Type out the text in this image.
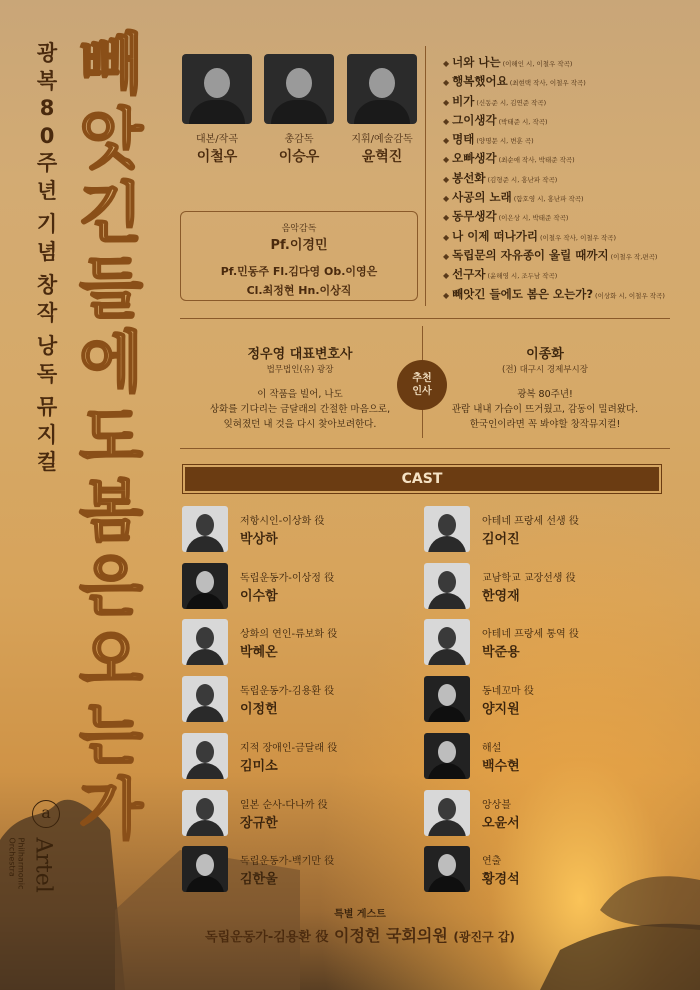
광
복
8
0
주
년
기
념
창
작
낭
독
뮤
지
컬
빼
앗
긴
들
에
도
봄
은
오
는
가
a
Artel
Philharmonic
Orchestra
대본/작곡
이철우
총감독
이승우
지휘/예술감독
윤혁진
음악감독
Pf.이경민
Pf.민동주 Fl.김다영 Ob.이영은
Cl.최정현 Hn.이상직
◆ 너와 나는 (이해인 시, 이철우 작곡)
◆ 행복했어요 (최현택 작사, 이철우 작곡)
◆ 비가 (신동준 시, 김연준 작곡)
◆ 그이생각 (박태준 시, 작곡)
◆ 명태 (양명문 시, 변훈 곡)
◆ 오빠생각 (최순애 작사, 박태준 작곡)
◆ 봉선화 (김형준 시, 홍난파 작곡)
◆ 사공의 노래 (함호영 시, 홍난파 작곡)
◆ 동무생각 (이은상 시, 박태준 작곡)
◆ 나 이제 떠나가리 (이철우 작사, 이철우 작곡)
◆ 독립문의 자유종이 울릴 때까지 (이철우 작,편곡)
◆ 선구자 (윤해영 시, 조두남 작곡)
◆ 빼앗긴 들에도 봄은 오는가? (이상화 시, 이철우 작곡)
정우영 대표변호사
법무법인(유) 광장
이 작품을 빌어, 나도
상화를 기다리는 금달래의 간절한 마음으로,
잊혀졌던 내 것을 다시 찾아보려한다.
추천
인사
이종화
(전) 대구시 경제부시장
광복 80주년!
관람 내내 가슴이 뜨거웠고, 감동이 밀려왔다.
한국인이라면 꼭 봐야할 창작뮤지컬!
CAST
저항시인-이상화 役
박상하
독립운동가-이상정 役
이수함
상화의 연인-류보화 役
박혜온
독립운동가-김용환 役
이정헌
지적 장애인-금달래 役
김미소
일본 순사-다나까 役
장규한
독립운동가-백기만 役
김한울
아테네 프랑세 선생 役
김어진
교남학교 교장선생 役
한영재
아테네 프랑세 통역 役
박준용
동네꼬마 役
양지원
해설
백수현
앙상블
오윤서
연출
황경석
특별 게스트
독립운동가-김용환 役 이정헌 국회의원 (광진구 갑)
